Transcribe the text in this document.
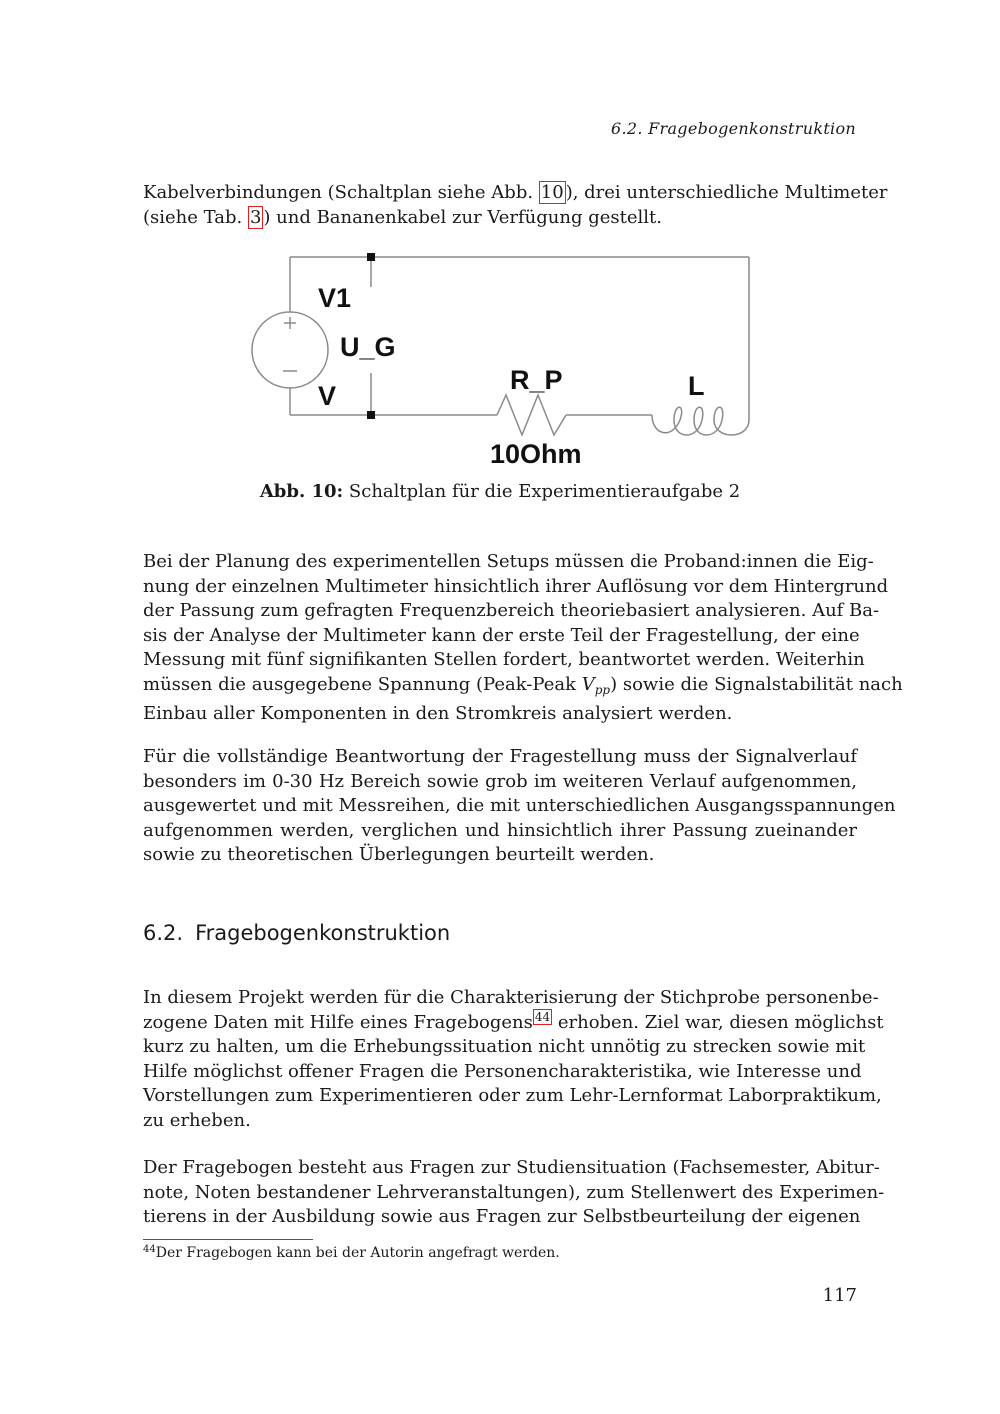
6.2. Fragebogenkonstruktion
Kabelverbindungen (Schaltplan siehe Abb. 10 ), drei unterschiedliche Multimeter
(siehe Tab. 3 ) und Bananenkabel zur Verfügung gestellt.
V1
U_G
V
R_P
10Ohm
L
Abb. 10: Schaltplan für die Experimentieraufgabe 2
Bei der Planung des experimentellen Setups müssen die Proband:innen die Eig-
nung der einzelnen Multimeter hinsichtlich ihrer Auflösung vor dem Hintergrund
der Passung zum gefragten Frequenzbereich theoriebasiert analysieren. Auf Ba-
sis der Analyse der Multimeter kann der erste Teil der Fragestellung, der eine
Messung mit fünf signifikanten Stellen fordert, beantwortet werden. Weiterhin
müssen die ausgegebene Spannung (Peak-Peak $V_{pp}$) sowie die Signalstabilität nach
Einbau aller Komponenten in den Stromkreis analysiert werden.
Für die vollständige Beantwortung der Fragestellung muss der Signalverlauf
besonders im 0-30 Hz Bereich sowie grob im weiteren Verlauf aufgenommen,
ausgewertet und mit Messreihen, die mit unterschiedlichen Ausgangsspannungen
aufgenommen werden, verglichen und hinsichtlich ihrer Passung zueinander
sowie zu theoretischen Überlegungen beurteilt werden.
6.2. Fragebogenkonstruktion
In diesem Projekt werden für die Charakterisierung der Stichprobe personenbe-
zogene Daten mit Hilfe eines Fragebogens $^{44}$ erhoben. Ziel war, diesen möglichst
kurz zu halten, um die Erhebungssituation nicht unnötig zu strecken sowie mit
Hilfe möglichst offener Fragen die Personencharakteristika, wie Interesse und
Vorstellungen zum Experimentieren oder zum Lehr-Lernformat Laborpraktikum,
zu erheben.
Der Fragebogen besteht aus Fragen zur Studiensituation (Fachsemester, Abitur-
note, Noten bestandener Lehrveranstaltungen), zum Stellenwert des Experimen-
tierens in der Ausbildung sowie aus Fragen zur Selbstbeurteilung der eigenen
$^{44}$Der Fragebogen kann bei der Autorin angefragt werden.
117
